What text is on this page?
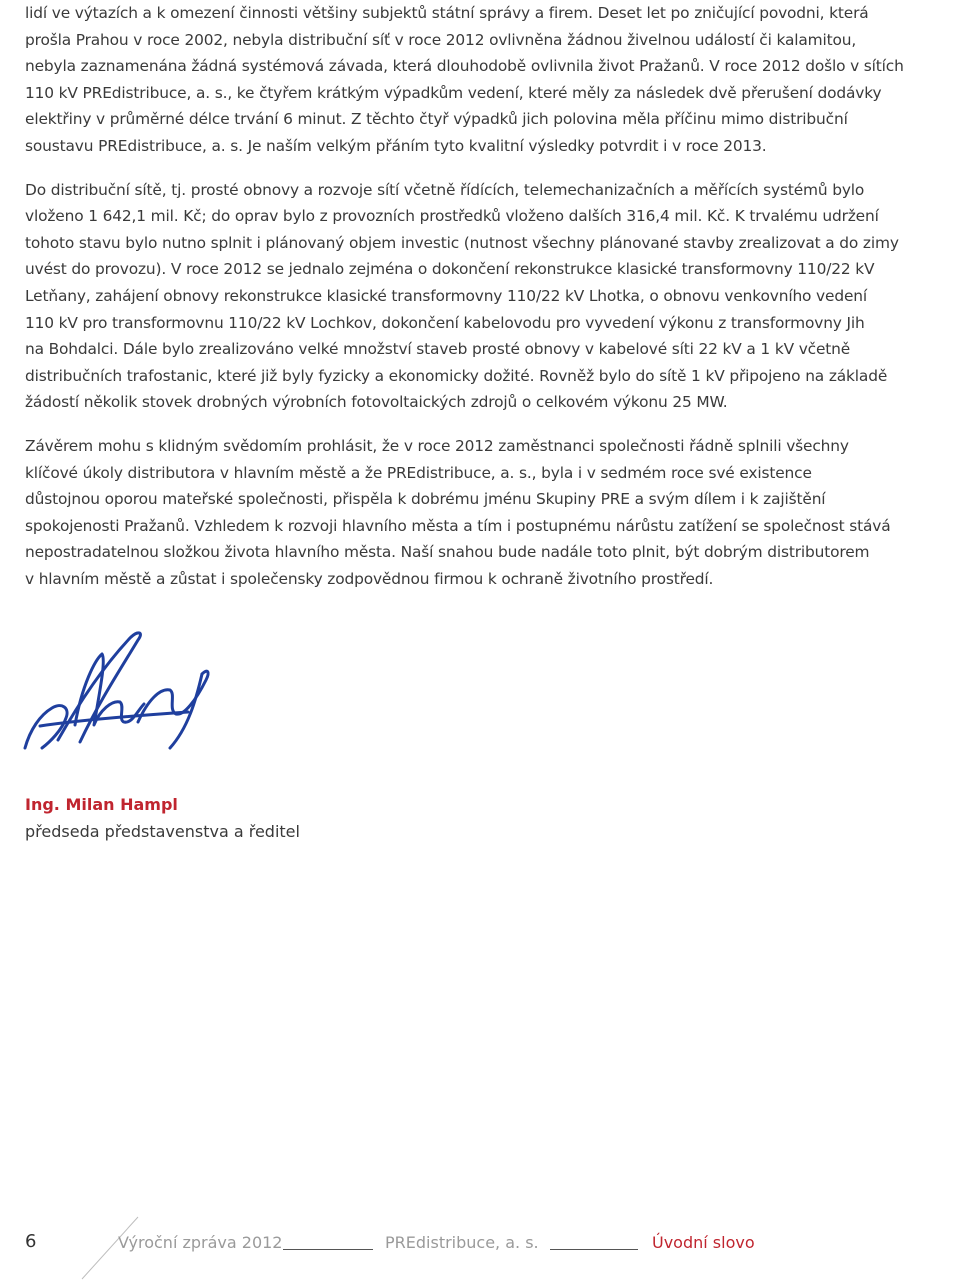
lidí ve výtazích a k omezení činnosti většiny subjektů státní správy a firem. Deset let po zničující povodni, která
prošla Prahou v roce 2002, nebyla distribuční síť v roce 2012 ovlivněna žádnou živelnou událostí či kalamitou,
nebyla zaznamenána žádná systémová závada, která dlouhodobě ovlivnila život Pražanů. V roce 2012 došlo v sítích
110 kV PREdistribuce, a. s., ke čtyřem krátkým výpadkům vedení, které měly za následek dvě přerušení dodávky
elektřiny v průměrné délce trvání 6 minut. Z těchto čtyř výpadků jich polovina měla příčinu mimo distribuční
soustavu PREdistribuce, a. s. Je naším velkým přáním tyto kvalitní výsledky potvrdit i v roce 2013.

Do distribuční sítě, tj. prosté obnovy a rozvoje sítí včetně řídících, telemechanizačních a měřících systémů bylo
vloženo 1 642,1 mil. Kč; do oprav bylo z provozních prostředků vloženo dalších 316,4 mil. Kč. K trvalému udržení
tohoto stavu bylo nutno splnit i plánovaný objem investic (nutnost všechny plánované stavby zrealizovat a do zimy
uvést do provozu). V roce 2012 se jednalo zejména o dokončení rekonstrukce klasické transformovny 110/22 kV
Letňany, zahájení obnovy rekonstrukce klasické transformovny 110/22 kV Lhotka, o obnovu venkovního vedení
110 kV pro transformovnu 110/22 kV Lochkov, dokončení kabelovodu pro vyvedení výkonu z transformovny Jih
na Bohdalci. Dále bylo zrealizováno velké množství staveb prosté obnovy v kabelové síti 22 kV a 1 kV včetně
distribučních trafostanic, které již byly fyzicky a ekonomicky dožité. Rovněž bylo do sítě 1 kV připojeno na základě
žádostí několik stovek drobných výrobních fotovoltaických zdrojů o celkovém výkonu 25 MW.

Závěrem mohu s klidným svědomím prohlásit, že v roce 2012 zaměstnanci společnosti řádně splnili všechny
klíčové úkoly distributora v hlavním městě a že PREdistribuce, a. s., byla i v sedmém roce své existence
důstojnou oporou mateřské společnosti, přispěla k dobrému jménu Skupiny PRE a svým dílem i k zajištění
spokojenosti Pražanů. Vzhledem k rozvoji hlavního města a tím i postupnému nárůstu zatížení se společnost stává
nepostradatelnou složkou života hlavního města. Naší snahou bude nadále toto plnit, být dobrým distributorem
v hlavním městě a zůstat i společensky zodpovědnou firmou k ochraně životního prostředí.

Ing. Milan Hampl
předseda představenstva a ředitel
6	Výroční zpráva 2012	PREdistribuce, a. s.	Úvodní slovo
